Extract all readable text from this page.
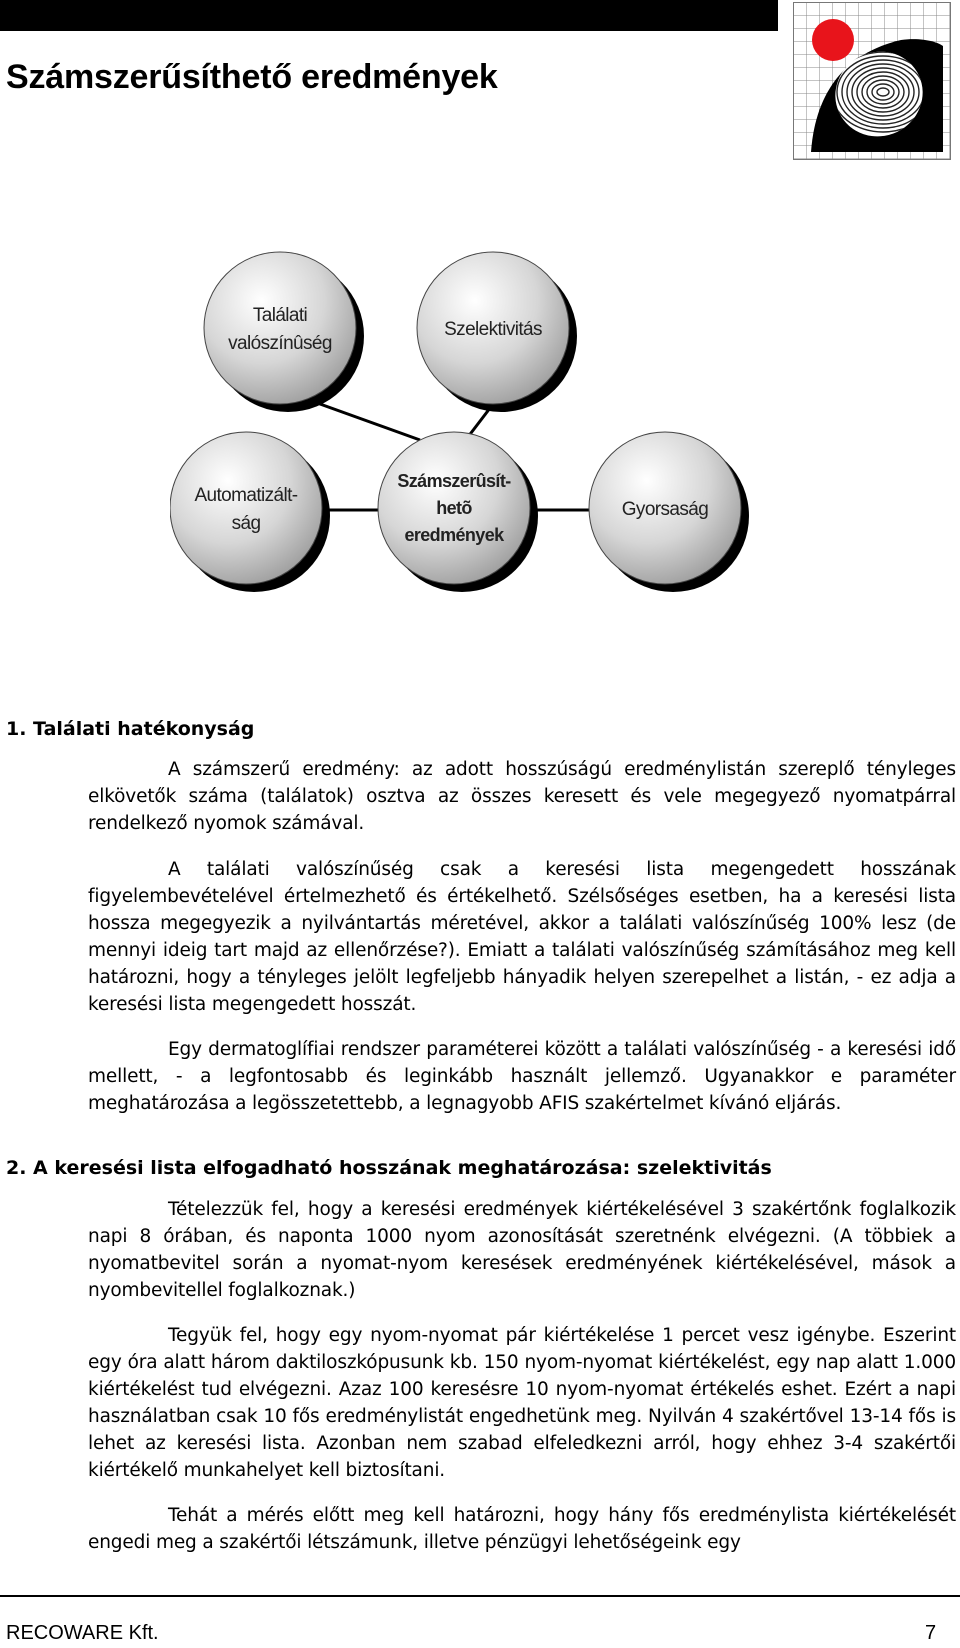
Számszerűsíthető eredmények
Találati
valószínûség
Szelektivitás
Automatizált-
ság
Számszerûsít-
hetõ
eredmények
Gyorsaság
1. Találati hatékonyság

A számszerű eredmény: az adott hosszúságú eredménylistán szereplő tényleges elkövetők száma (találatok) osztva az összes keresett és vele megegyező nyomatpárral rendelkező nyomok számával.

A találati valószínűség csak a keresési lista megengedett hosszának figyelembevételével értelmezhető és értékelhető. Szélsőséges esetben, ha a keresési lista hossza megegyezik a nyilvántartás méretével, akkor a találati valószínűség 100% lesz (de mennyi ideig tart majd az ellenőrzése?). Emiatt a találati valószínűség számításához meg kell határozni, hogy a tényleges jelölt legfeljebb hányadik helyen szerepelhet a listán, - ez adja a keresési lista megengedett hosszát.

Egy dermatoglífiai rendszer paraméterei között a találati valószínűség - a keresési idő mellett, - a legfontosabb és leginkább használt jellemző. Ugyanakkor e paraméter meghatározása a legösszetettebb, a legnagyobb AFIS szakértelmet kívánó eljárás.

2. A keresési lista elfogadható hosszának meghatározása: szelektivitás

Tételezzük fel, hogy a keresési eredmények kiértékelésével 3 szakértőnk foglalkozik napi 8 órában, és naponta 1000 nyom azonosítását szeretnénk elvégezni. (A többiek a nyomatbevitel során a nyomat-nyom keresések eredményének kiértékelésével, mások a nyombevitellel foglalkoznak.)

Tegyük fel, hogy egy nyom-nyomat pár kiértékelése 1 percet vesz igénybe. Eszerint egy óra alatt három daktiloszkópusunk kb. 150 nyom-nyomat kiértékelést, egy nap alatt 1.000 kiértékelést tud elvégezni. Azaz 100 keresésre 10 nyom-nyomat értékelés eshet. Ezért a napi használatban csak 10 fős eredménylistát engedhetünk meg. Nyilván 4 szakértővel 13-14 fős is lehet az keresési lista. Azonban nem szabad elfeledkezni arról, hogy ehhez 3-4 szakértői kiértékelő munkahelyet kell biztosítani.

Tehát a mérés előtt meg kell határozni, hogy hány fős eredménylista kiértékelését engedi meg a szakértői létszámunk, illetve pénzügyi lehetőségeink egy

RECOWARE Kft.	7
